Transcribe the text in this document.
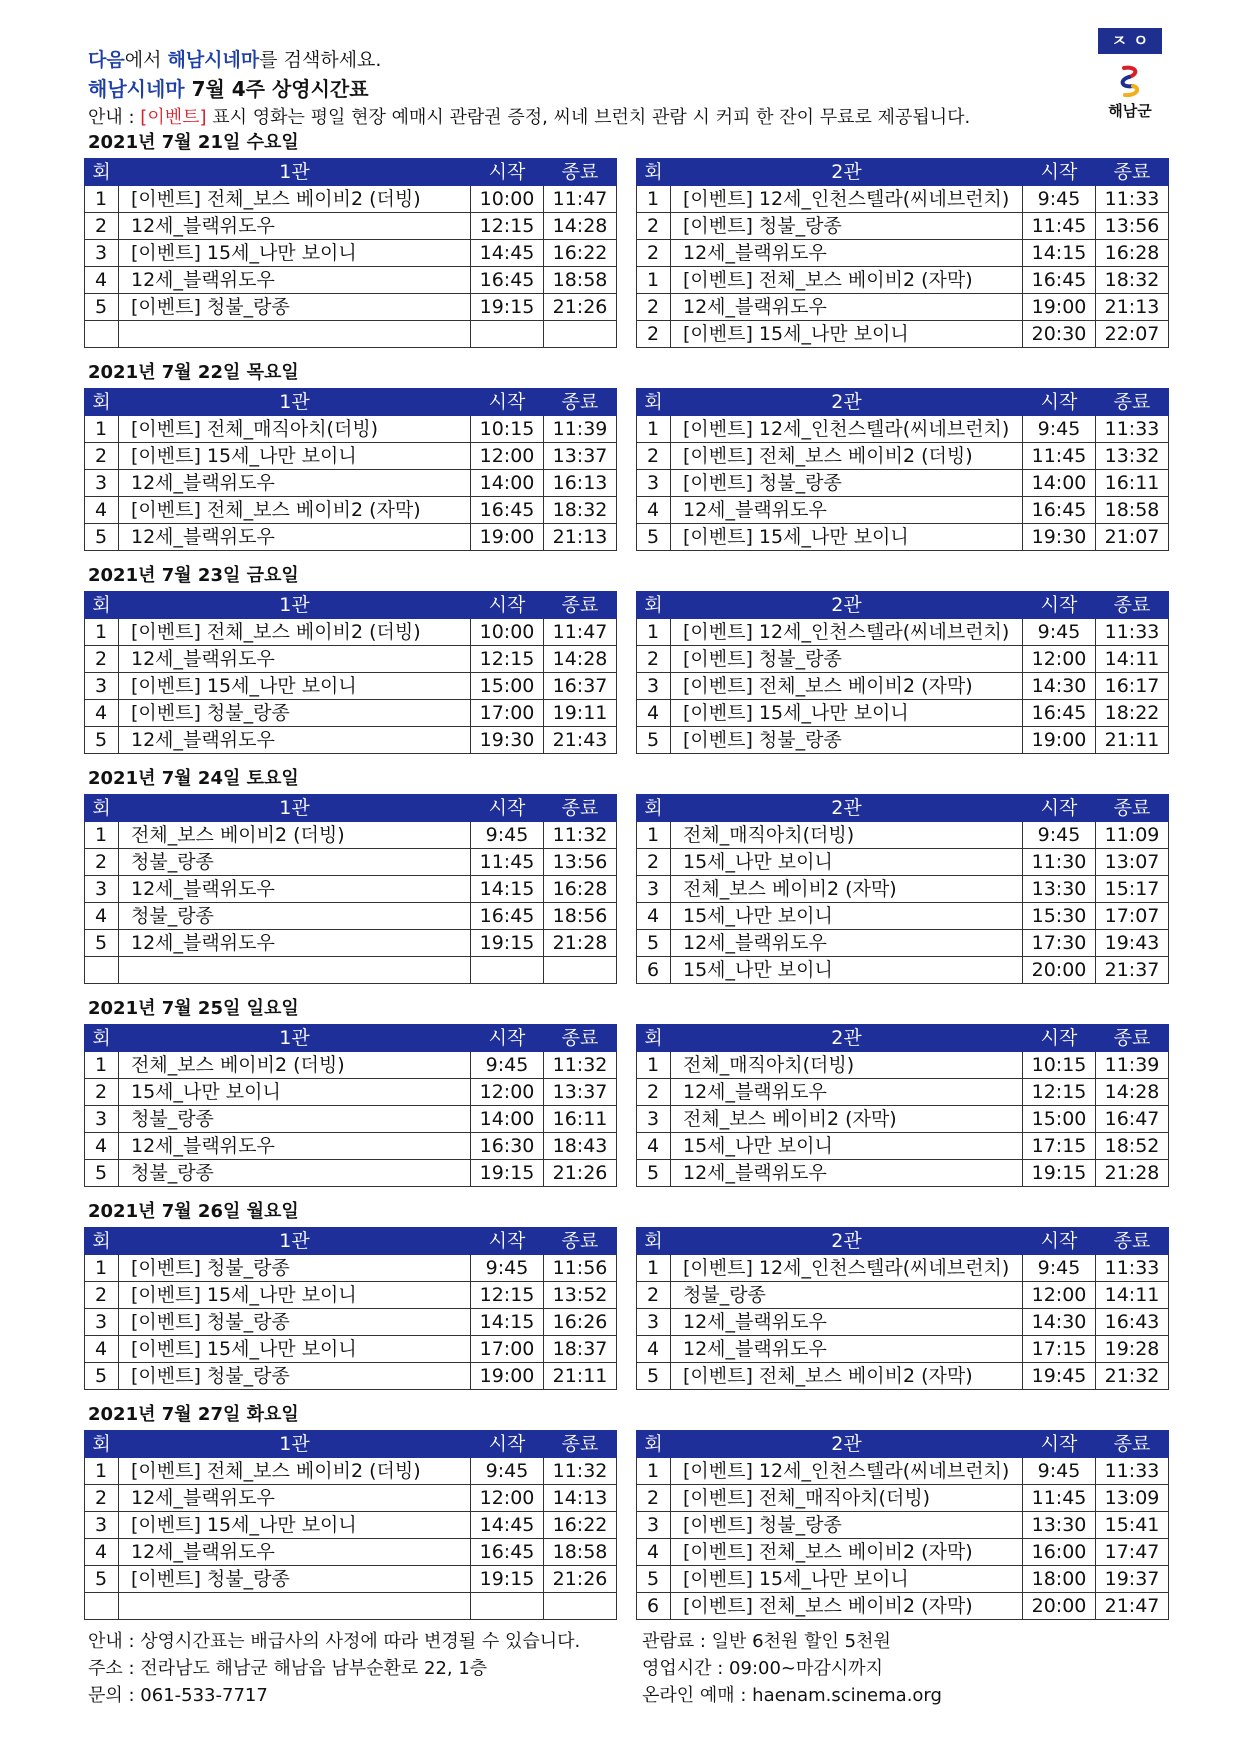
다음에서 해남시네마를 검색하세요.
해남시네마 7월 4주 상영시간표
안내 : [이벤트] 표시 영화는 평일 현장 예매시 관람권 증정, 씨네 브런치 관람 시 커피 한 잔이 무료로 제공됩니다.
ㅈㅇ
해남군
2021년 7월 21일 수요일
회	1관	시작	종료
1	[이벤트] 전체_보스 베이비2 (더빙)	10:00	11:47
2	12세_블랙위도우	12:15	14:28
3	[이벤트] 15세_나만 보이니	14:45	16:22
4	12세_블랙위도우	16:45	18:58
5	[이벤트] 청불_랑종	19:15	21:26

회	2관	시작	종료
1	[이벤트] 12세_인천스텔라(씨네브런치)	9:45	11:33
2	[이벤트] 청불_랑종	11:45	13:56
2	12세_블랙위도우	14:15	16:28
1	[이벤트] 전체_보스 베이비2 (자막)	16:45	18:32
2	12세_블랙위도우	19:00	21:13
2	[이벤트] 15세_나만 보이니	20:30	22:07
2021년 7월 22일 목요일
회	1관	시작	종료
1	[이벤트] 전체_매직아치(더빙)	10:15	11:39
2	[이벤트] 15세_나만 보이니	12:00	13:37
3	12세_블랙위도우	14:00	16:13
4	[이벤트] 전체_보스 베이비2 (자막)	16:45	18:32
5	12세_블랙위도우	19:00	21:13
회	2관	시작	종료
1	[이벤트] 12세_인천스텔라(씨네브런치)	9:45	11:33
2	[이벤트] 전체_보스 베이비2 (더빙)	11:45	13:32
3	[이벤트] 청불_랑종	14:00	16:11
4	12세_블랙위도우	16:45	18:58
5	[이벤트] 15세_나만 보이니	19:30	21:07
2021년 7월 23일 금요일
회	1관	시작	종료
1	[이벤트] 전체_보스 베이비2 (더빙)	10:00	11:47
2	12세_블랙위도우	12:15	14:28
3	[이벤트] 15세_나만 보이니	15:00	16:37
4	[이벤트] 청불_랑종	17:00	19:11
5	12세_블랙위도우	19:30	21:43
회	2관	시작	종료
1	[이벤트] 12세_인천스텔라(씨네브런치)	9:45	11:33
2	[이벤트] 청불_랑종	12:00	14:11
3	[이벤트] 전체_보스 베이비2 (자막)	14:30	16:17
4	[이벤트] 15세_나만 보이니	16:45	18:22
5	[이벤트] 청불_랑종	19:00	21:11
2021년 7월 24일 토요일
회	1관	시작	종료
1	전체_보스 베이비2 (더빙)	9:45	11:32
2	청불_랑종	11:45	13:56
3	12세_블랙위도우	14:15	16:28
4	청불_랑종	16:45	18:56
5	12세_블랙위도우	19:15	21:28

회	2관	시작	종료
1	전체_매직아치(더빙)	9:45	11:09
2	15세_나만 보이니	11:30	13:07
3	전체_보스 베이비2 (자막)	13:30	15:17
4	15세_나만 보이니	15:30	17:07
5	12세_블랙위도우	17:30	19:43
6	15세_나만 보이니	20:00	21:37
2021년 7월 25일 일요일
회	1관	시작	종료
1	전체_보스 베이비2 (더빙)	9:45	11:32
2	15세_나만 보이니	12:00	13:37
3	청불_랑종	14:00	16:11
4	12세_블랙위도우	16:30	18:43
5	청불_랑종	19:15	21:26
회	2관	시작	종료
1	전체_매직아치(더빙)	10:15	11:39
2	12세_블랙위도우	12:15	14:28
3	전체_보스 베이비2 (자막)	15:00	16:47
4	15세_나만 보이니	17:15	18:52
5	12세_블랙위도우	19:15	21:28
2021년 7월 26일 월요일
회	1관	시작	종료
1	[이벤트] 청불_랑종	9:45	11:56
2	[이벤트] 15세_나만 보이니	12:15	13:52
3	[이벤트] 청불_랑종	14:15	16:26
4	[이벤트] 15세_나만 보이니	17:00	18:37
5	[이벤트] 청불_랑종	19:00	21:11
회	2관	시작	종료
1	[이벤트] 12세_인천스텔라(씨네브런치)	9:45	11:33
2	청불_랑종	12:00	14:11
3	12세_블랙위도우	14:30	16:43
4	12세_블랙위도우	17:15	19:28
5	[이벤트] 전체_보스 베이비2 (자막)	19:45	21:32
2021년 7월 27일 화요일
회	1관	시작	종료
1	[이벤트] 전체_보스 베이비2 (더빙)	9:45	11:32
2	12세_블랙위도우	12:00	14:13
3	[이벤트] 15세_나만 보이니	14:45	16:22
4	12세_블랙위도우	16:45	18:58
5	[이벤트] 청불_랑종	19:15	21:26

회	2관	시작	종료
1	[이벤트] 12세_인천스텔라(씨네브런치)	9:45	11:33
2	[이벤트] 전체_매직아치(더빙)	11:45	13:09
3	[이벤트] 청불_랑종	13:30	15:41
4	[이벤트] 전체_보스 베이비2 (자막)	16:00	17:47
5	[이벤트] 15세_나만 보이니	18:00	19:37
6	[이벤트] 전체_보스 베이비2 (자막)	20:00	21:47
안내 : 상영시간표는 배급사의 사정에 따라 변경될 수 있습니다.
주소 : 전라남도 해남군 해남읍 남부순환로 22, 1층
문의 : 061-533-7717
관람료 : 일반 6천원 할인 5천원
영업시간 : 09:00~마감시까지
온라인 예매 : haenam.scinema.org
